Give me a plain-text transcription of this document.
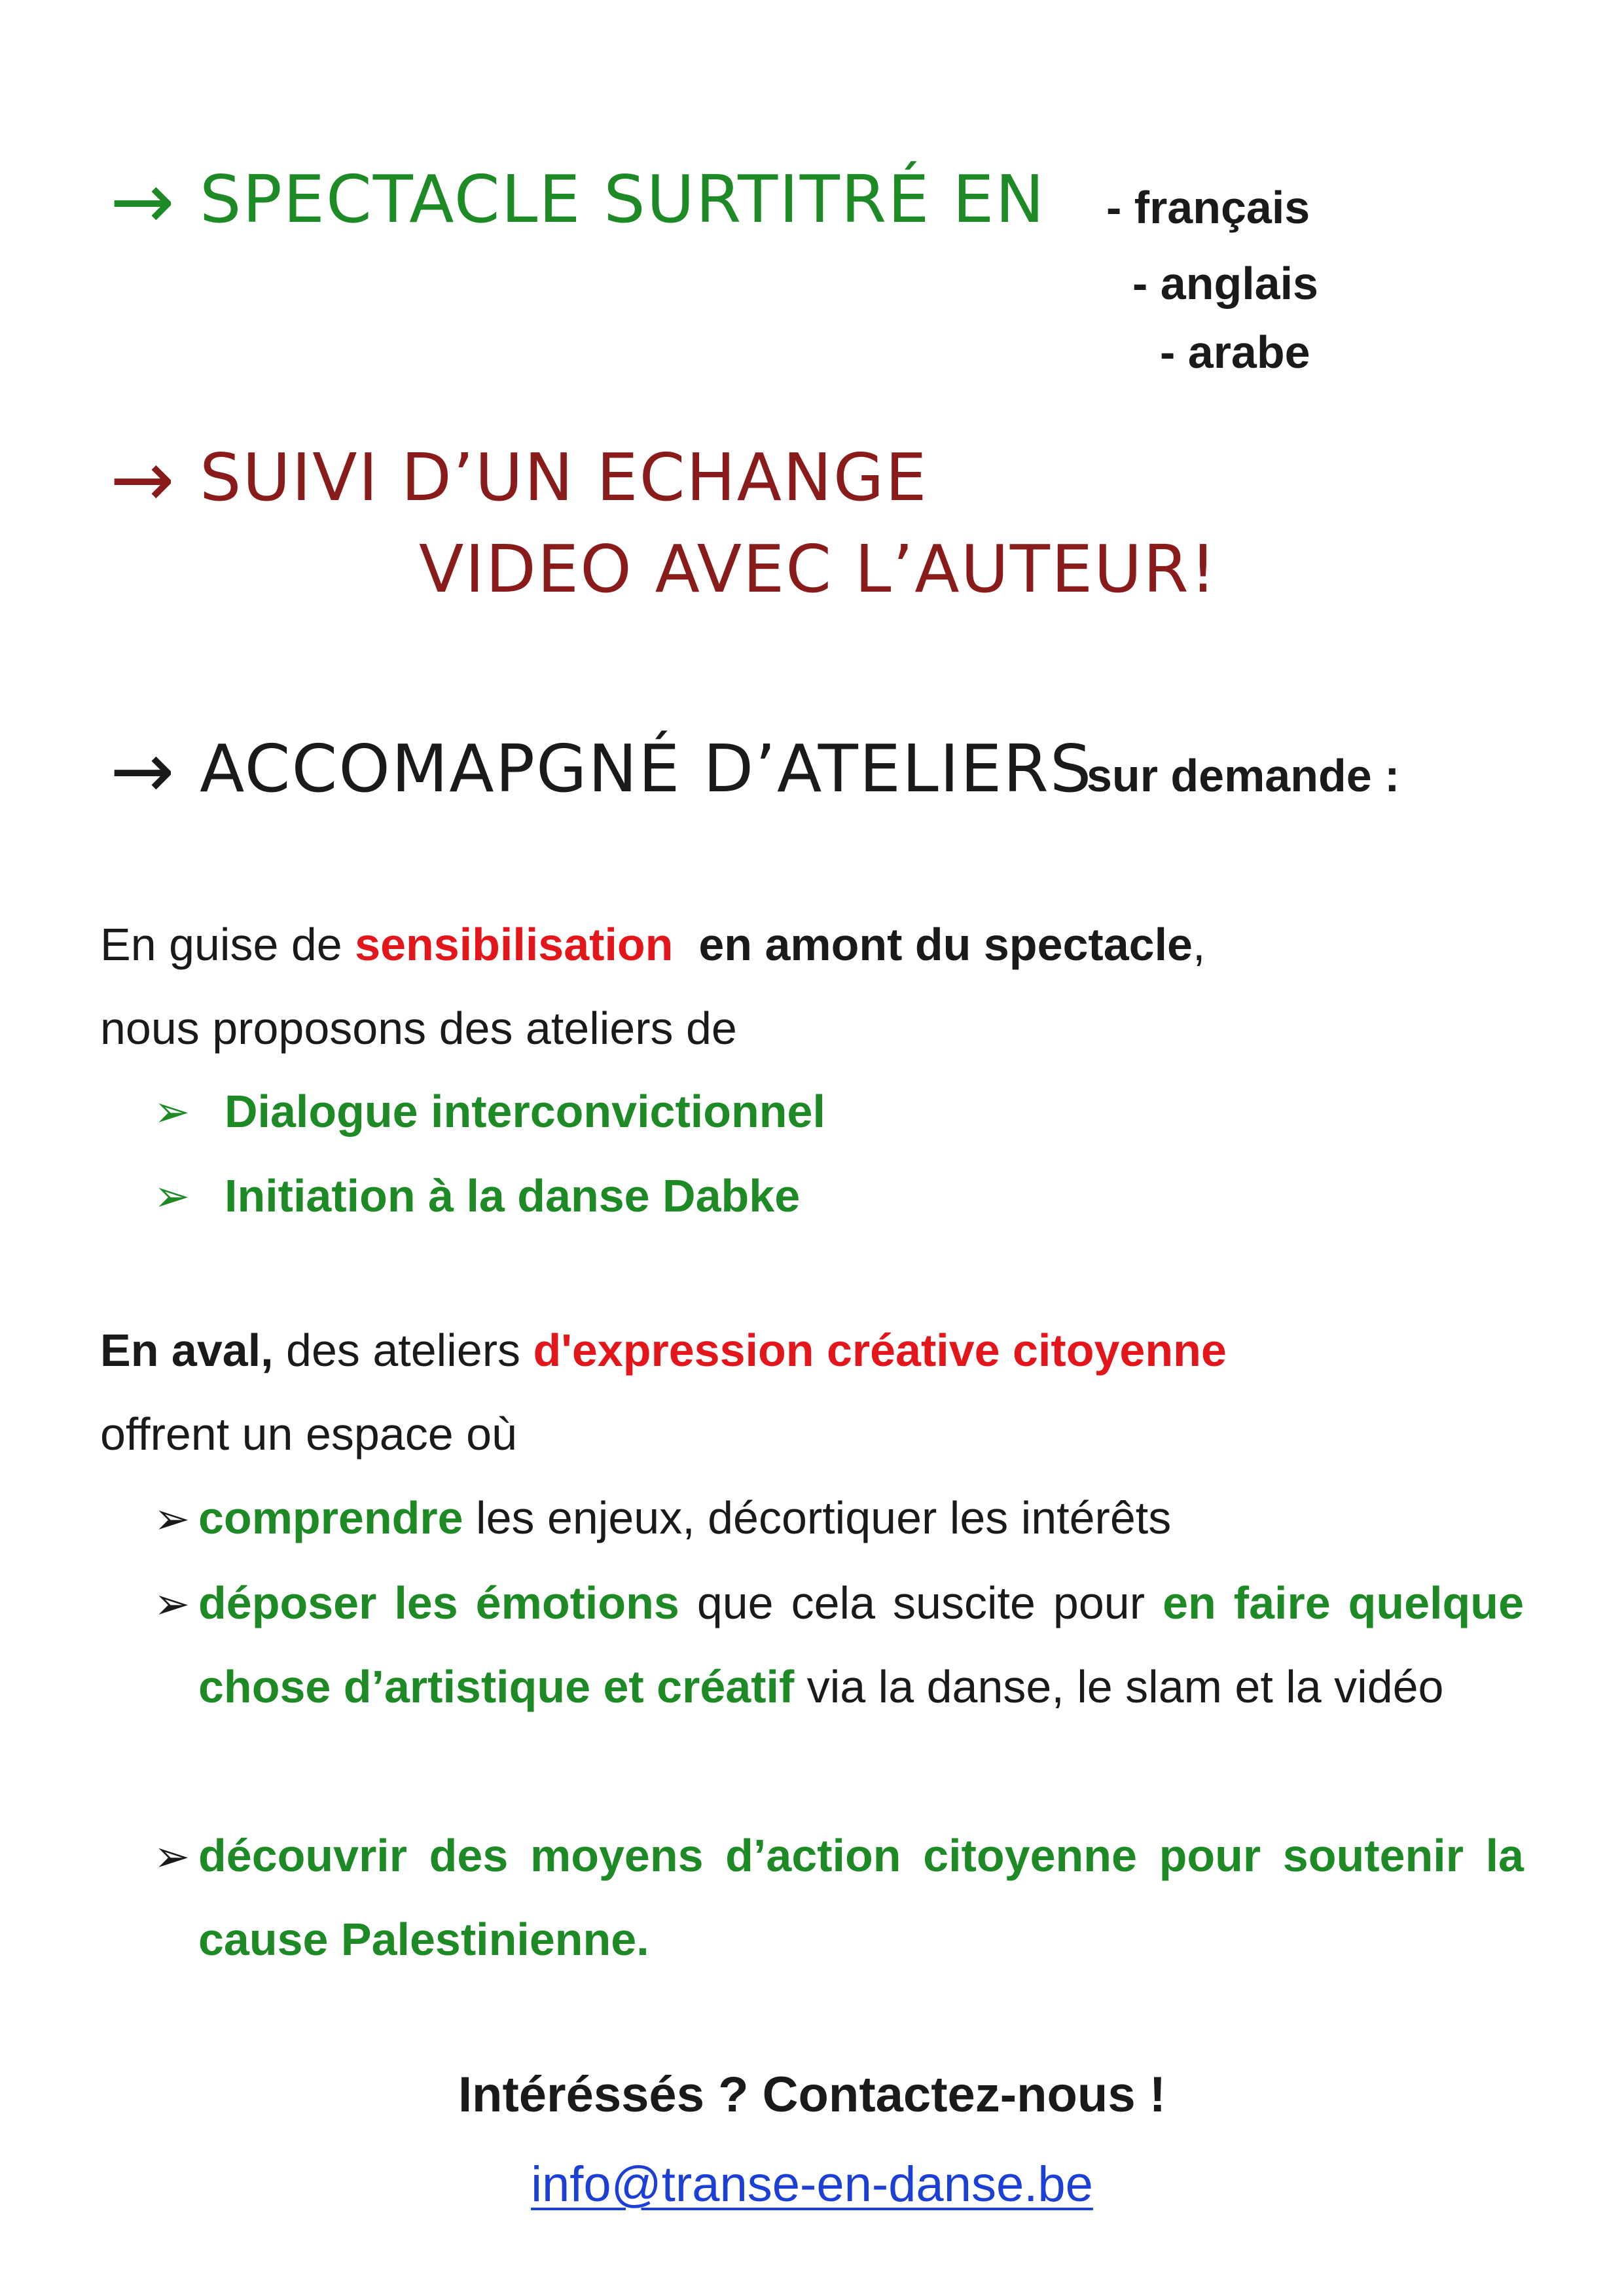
→ SPECTACLE SURTITRÉ EN - français
- anglais
- arabe
→ SUIVI D’UN ECHANGE
VIDEO AVEC L’AUTEUR!
→ ACCOMAPGNÉ D’ATELIERS
sur demande :
En guise de sensibilisation en amont du spectacle,
nous proposons des ateliers de
➢ Dialogue interconvictionnel
➢ Initiation à la danse Dabke
En aval, des ateliers d'expression créative citoyenne
offrent un espace où
➢ comprendre les enjeux, décortiquer les intérêts
➢ déposer les émotions que cela suscite pour en faire quelque chose d’artistique et créatif via la danse, le slam et la vidéo
➢ découvrir des moyens d’action citoyenne pour soutenir la cause Palestinienne.
Intéréssés ? Contactez-nous !
info@transe-en-danse.be
